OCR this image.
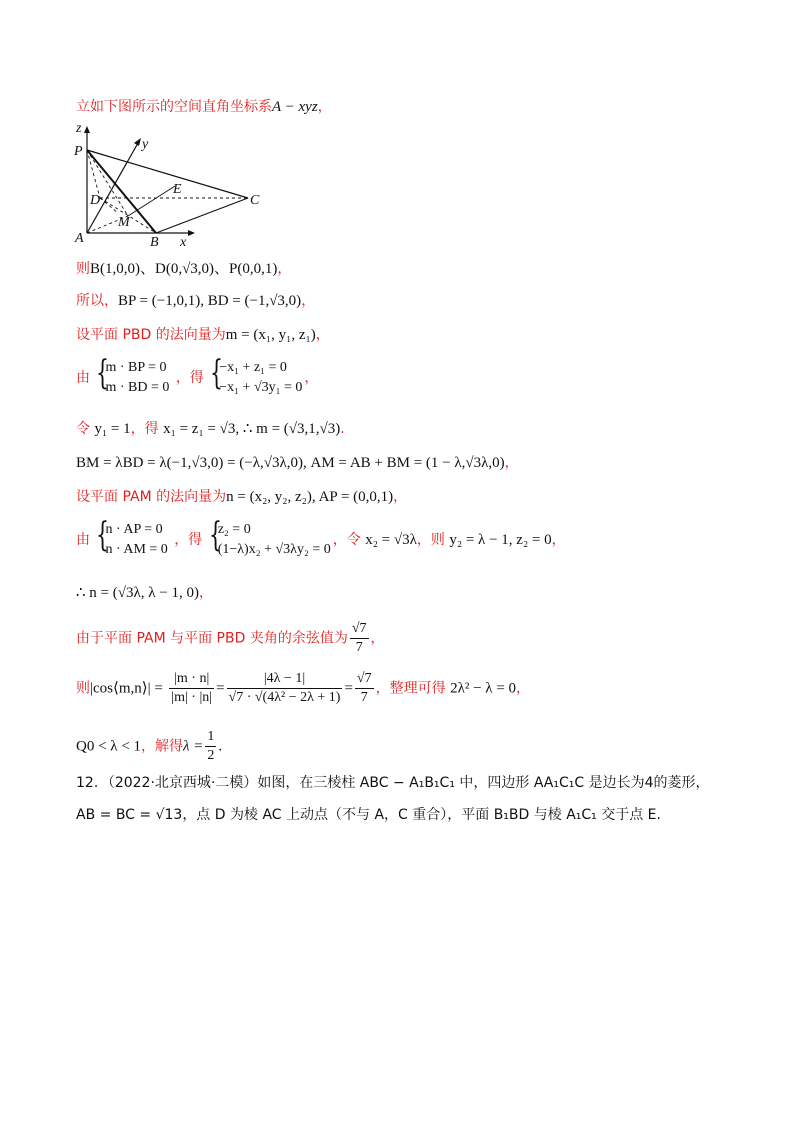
立如下图所示的空间直角坐标系A − xyz，
z
y
x
P
D
E
C
M
A	B
则B(1,0,0)、D(0,√3,0)、P(0,0,1)，
所以，BP = (−1,0,1), BD = (−1,√3,0)，
设平面 PBD 的法向量为m = (x₁, y₁, z₁)，
由 {
m · BP = 0
m · BD = 0
，得 {
−x₁ + z₁ = 0
−x₁ + √3y₁ = 0
，
令 y₁ = 1，得 x₁ = z₁ = √3, ∴ m = (√3,1,√3).
BM = λBD = λ(−1,√3,0) = (−λ,√3λ,0), AM = AB + BM = (1 − λ,√3λ,0)，
设平面 PAM 的法向量为n = (x₂, y₂, z₂), AP = (0,0,1)，
由 {
n · AP = 0
n · AM = 0
，得 {
z₂ = 0
(1−λ)x₂ + √3λy₂ = 0
，令 x₂ = √3λ，则 y₂ = λ − 1, z₂ = 0，
∴ n = (√3λ, λ − 1, 0)，
由于平面 PAM 与平面 PBD 夹角的余弦值为 $\frac{√7}{7}$ ，
则|cos⟨m,n⟩| = $\frac{|m \cdot n|}{|m| \cdot |n|} = \frac{|4\lambda - 1|}{\text{√7 · √(4λ² − 2λ + 1)}} = \frac{√7}{7}$ ，整理可得 2λ² − λ = 0，
Q0 < λ < 1，解得$\lambda = \frac{1}{2}$ .
12．（2022·北京西城·二模）如图，在三棱柱 ABC − A₁B₁C₁ 中，四边形 AA₁C₁C 是边长为4的菱形，
AB = BC = √13，点 D 为棱 AC 上动点（不与 A，C 重合），平面 B₁BD 与棱 A₁C₁ 交于点 E.
